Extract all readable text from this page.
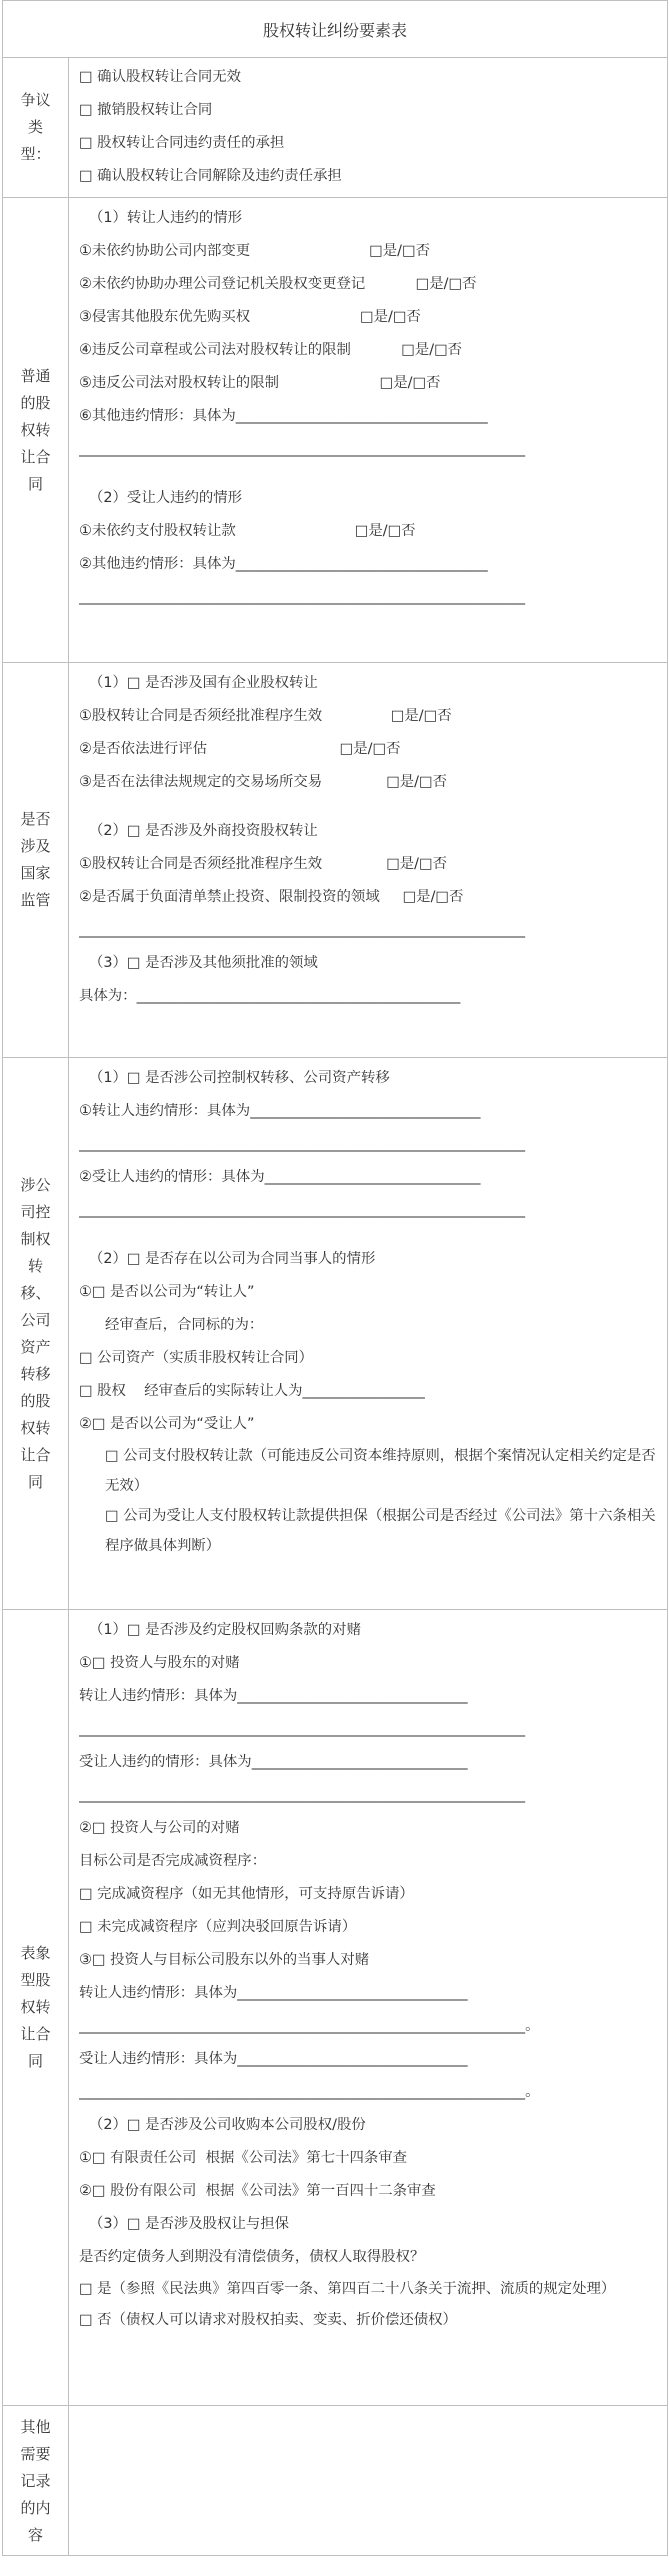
股权转让纠纷要素表
争议类型：
□ 确认股权转让合同无效
□ 撤销股权转让合同
□ 股权转让合同违约责任的承担
□ 确认股权转让合同解除及违约责任承担
普通的股权转让合同
（1）转让人违约的情形
①未依约协助公司内部变更                          □是/□否
②未依约协助办理公司登记机关股权变更登记           □是/□否
③侵害其他股东优先购买权                        □是/□否
④违反公司章程或公司法对股权转让的限制           □是/□否
⑤违反公司法对股权转让的限制                      □是/□否
⑥其他违约情形：具体为___________________________________
______________________________________________________________
（2）受让人违约的情形
①未依约支付股权转让款                          □是/□否
②其他违约情形：具体为___________________________________
______________________________________________________________
是否涉及国家监管
（1）□ 是否涉及国有企业股权转让
①股权转让合同是否须经批准程序生效               □是/□否
②是否依法进行评估                             □是/□否
③是否在法律法规规定的交易场所交易              □是/□否
（2）□ 是否涉及外商投资股权转让
①股权转让合同是否须经批准程序生效              □是/□否
②是否属于负面清单禁止投资、限制投资的领域     □是/□否
______________________________________________________________
（3）□ 是否涉及其他须批准的领域
具体为：_____________________________________________
涉公司控制权转移、公司资产转移的股权转让合同
（1）□ 是否涉公司控制权转移、公司资产转移
①转让人违约情形：具体为________________________________
______________________________________________________________
②受让人违约的情形：具体为______________________________
______________________________________________________________
（2）□ 是否存在以公司为合同当事人的情形
①□ 是否以公司为“转让人”
经审查后，合同标的为：
□ 公司资产（实质非股权转让合同）
□ 股权    经审查后的实际转让人为_________________
②□ 是否以公司为“受让人”
□ 公司支付股权转让款（可能违反公司资本维持原则，根据个案情况认定相关约定是否无效）
□ 公司为受让人支付股权转让款提供担保（根据公司是否经过《公司法》第十六条相关程序做具体判断）
表象型股权转让合同
（1）□ 是否涉及约定股权回购条款的对赌
①□ 投资人与股东的对赌
转让人违约情形：具体为________________________________
______________________________________________________________
受让人违约的情形：具体为______________________________
______________________________________________________________
②□ 投资人与公司的对赌
目标公司是否完成减资程序：
□ 完成减资程序（如无其他情形，可支持原告诉请）
□ 未完成减资程序（应判决驳回原告诉请）
③□ 投资人与目标公司股东以外的当事人对赌
转让人违约情形：具体为________________________________
______________________________________________________________。
受让人违约情形：具体为________________________________
______________________________________________________________。
（2）□ 是否涉及公司收购本公司股权/股份
①□ 有限责任公司  根据《公司法》第七十四条审查
②□ 股份有限公司  根据《公司法》第一百四十二条审查
（3）□ 是否涉及股权让与担保
是否约定债务人到期没有清偿债务，债权人取得股权？
□ 是（参照《民法典》第四百零一条、第四百二十八条关于流押、流质的规定处理）
□ 否（债权人可以请求对股权拍卖、变卖、折价偿还债权）
其他需要记录的内容
